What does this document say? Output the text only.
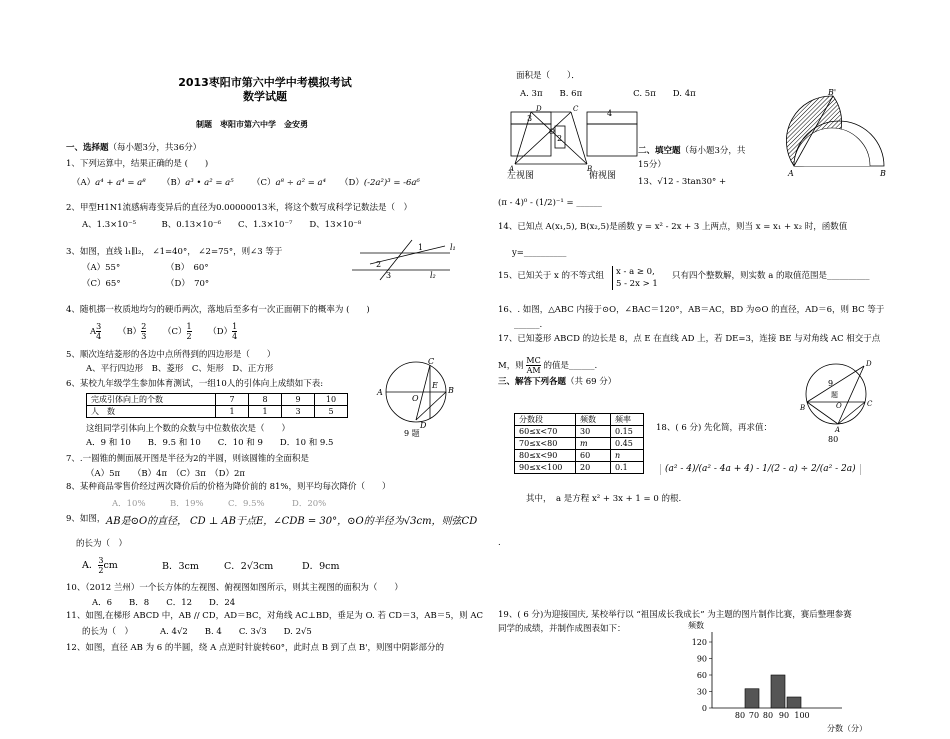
2013枣阳市第六中学中考模拟考试
数学试题
制题　枣阳市第六中学　金安勇
一、选择题（每小题3分，共36分）
1、下列运算中，结果正确的是 (　　)
（A）a⁴ + a⁴ = a⁸ （B）a³ • a² = a⁵ （C）a⁸ ÷ a² = a⁴ （D）(-2a²)³ = -6a⁶
2、甲型H1N1流感病毒变异后的直径为0.00000013米，将这个数写成科学记数法是（　）
A、1.3×10⁻⁵　　　B、0.13×10⁻⁶　　C、1.3×10⁻⁷　　D、13×10⁻⁸
3、如图，直线 l₁∥l₂， ∠1=40°， ∠2=75°，则∠3 等于
（A）55°	（B）　60°
（C）65°	（D）　70°
1
2
3
l₁
l₂
4、随机掷一枚质地均匀的硬币两次，落地后至多有一次正面朝下的概率为 (　　)
A $\frac{3}{4} (B) \frac{2}{3} (C) \frac{1}{2} (D) \frac{1}{4}$
5、顺次连结菱形的各边中点所得到的四边形是（　　）
A、平行四边形　B、菱形　C、矩形　D、正方形
6、某校九年级学生参加体育测试，一组10人的引体向上成绩如下表:
完成引体向上的个数	7	8	9	10
人　数	1	1	3	5
这组同学引体向上个数的众数与中位数依次是（　　）
A．9 和 10　　B．9.5 和 10　　C．10 和 9　　D．10 和 9.5
C
A
O
E
B
D
9 题
7、.一圆锥的侧面展开图是半径为2的半圆，则该圆锥的全面积是
（A）5π　　（B）4π　（C）3π　（D）2π
8、某种商品零售价经过两次降价后的价格为降价前的 81%，则平均每次降价（　　）
A．10%	B．19%	C．9.5%	D．20%
9、如图， AB是⊙O的直径， CD ⊥ AB于点E，∠CDB = 30°，⊙O的半径为√3cm，则弦CD
的长为（　）
A． $\frac{3}{2}$ cm	B．3cm	C．2√3cm	D．9cm
10、（2012 兰州）一个长方体的左视图、俯视图如图所示，则其主视图的面积为（　　）
A．6　　B．8　　C．12　　D．24
11、如图,在梯形 ABCD 中，AB // CD，AD＝BC，对角线 AC⊥BD，垂足为 O. 若 CD＝3，AB＝5，则 AC
的长为（　）	A. 4√2　　B. 4　　C. 3√3　　D. 2√5
12、如图，直径 AB 为 6 的半圆，绕 A 点逆时针旋转60°，此时点 B 到了点 B'，则图中阴影部分的
面积是（　　）．
A. 3π　　B. 6π　　　　　　C. 5π　　D. 4π
3
4
2
D	C
A	B
O
左视图	俯视图
二、填空题（每小题3分，共
15分）
B'
A	B
13、√12 - 3tan30° +
(π - 4)⁰ - (1/2)⁻¹ = ______
14、已知点 A(x₁,5), B(x₂,5)是函数 y = x² - 2x + 3 上两点，则当 x = x₁ + x₂ 时，函数值
y=__________
15、已知关于 x 的不等式组	x - a ≥ 0,
5 - 2x > 1
只有四个整数解，则实数 a 的取值范围是__________
16、. 如图，△ABC 内接于⊙O，∠BAC＝120°，AB＝AC，BD 为⊙O 的直径，AD＝6，则 BC 等于
______.
17、已知菱形 ABCD 的边长是 8，点 E 在直线 AD 上，若 DE=3，连接 BE 与对角线 AC 相交于点
M，则 $\frac{MC}{AM}$ 的值是______.	D
9
题
B	O	C
A
80
三、解答下列各题（共 69 分）
分数段	频数	频率
60≤x<70	30	0.15
70≤x<80	m	0.45
80≤x<90	60	n
90≤x<100	20	0.1
18、( 6 分) 先化简，再求值：
(a² - 4)/(a² - 4a + 4) - 1/(2 - a) ÷ 2/(a² - 2a)
其中， a 是方程 x² + 3x + 1 = 0 的根.
.
19、( 6 分)为迎接国庆, 某校举行以 “祖国成长我成长” 为主题的图片制作比赛，赛后整理参赛
同学的成绩，并制作成图表如下：	频数
0
30
60
90
120
80 70 80 90 100
分数（分）
